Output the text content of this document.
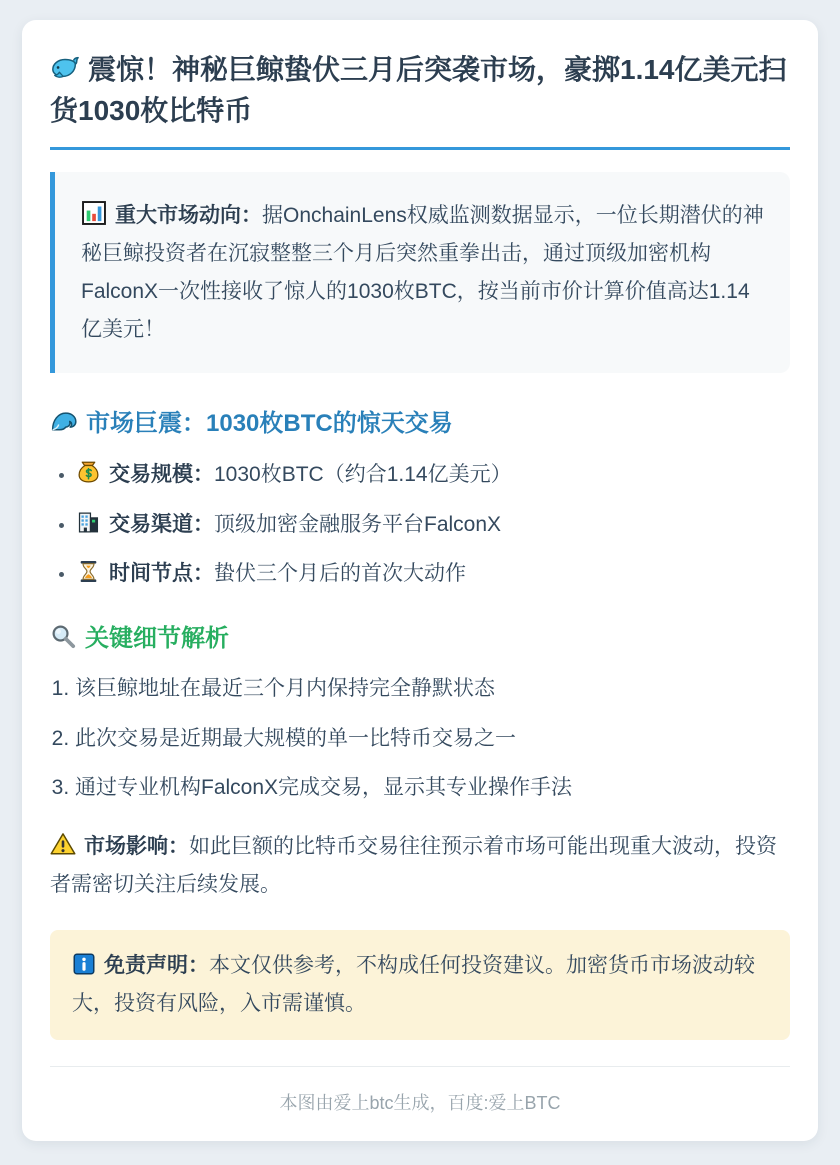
震惊！神秘巨鲸蛰伏三月后突袭市场，豪掷1.14亿美元扫货1030枚比特币
重大市场动向：据OnchainLens权威监测数据显示，一位长期潜伏的神秘巨鲸投资者在沉寂整整三个月后突然重拳出击，通过顶级加密机构FalconX一次性接收了惊人的1030枚BTC，按当前市价计算价值高达1.14亿美元！
市场巨震：1030枚BTC的惊天交易
• 交易规模：1030枚BTC（约合1.14亿美元）
• 交易渠道：顶级加密金融服务平台FalconX
• 时间节点：蛰伏三个月后的首次大动作
关键细节解析
1. 该巨鲸地址在最近三个月内保持完全静默状态
2. 此次交易是近期最大规模的单一比特币交易之一
3. 通过专业机构FalconX完成交易，显示其专业操作手法

市场影响：如此巨额的比特币交易往往预示着市场可能出现重大波动，投资者需密切关注后续发展。

免责声明：本文仅供参考，不构成任何投资建议。加密货币市场波动较大，投资有风险，入市需谨慎。
本图由爱上btc生成，百度:爱上BTC
